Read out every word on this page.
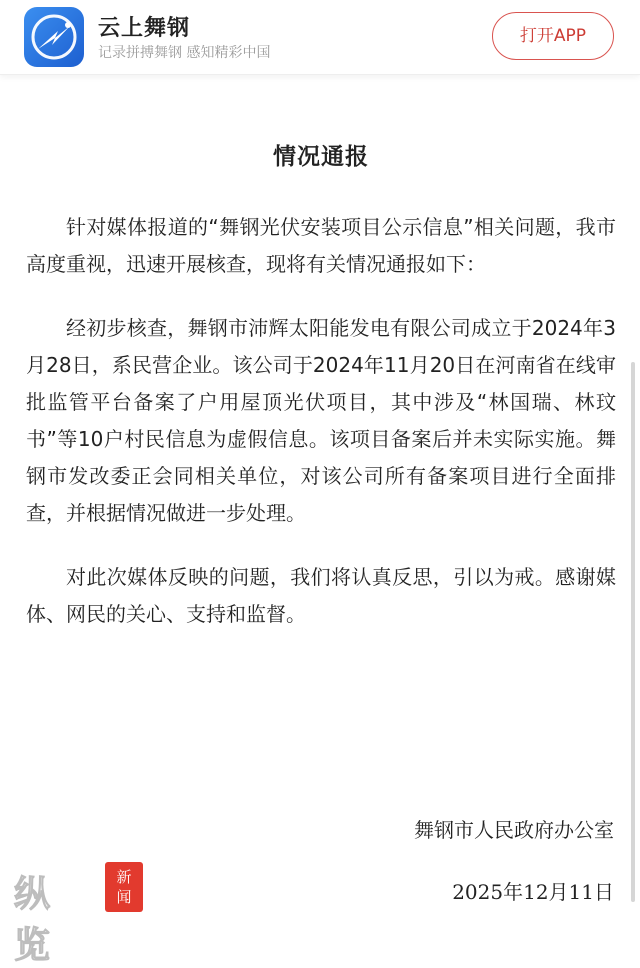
云上舞钢
记录拼搏舞钢 感知精彩中国
打开APP
情况通报

针对媒体报道的“舞钢光伏安装项目公示信息”相关问题，我市高度重视，迅速开展核查，现将有关情况通报如下：

经初步核查，舞钢市沛辉太阳能发电有限公司成立于2024年3月28日，系民营企业。该公司于2024年11月20日在河南省在线审批监管平台备案了户用屋顶光伏项目，其中涉及“林国瑞、林玟书”等10户村民信息为虚假信息。该项目备案后并未实际实施。舞钢市发改委正会同相关单位，对该公司所有备案项目进行全面排查，并根据情况做进一步处理。

对此次媒体反映的问题，我们将认真反思，引以为戒。感谢媒体、网民的关心、支持和监督。

舞钢市人民政府办公室
2025年12月11日
纵览
新
闻
